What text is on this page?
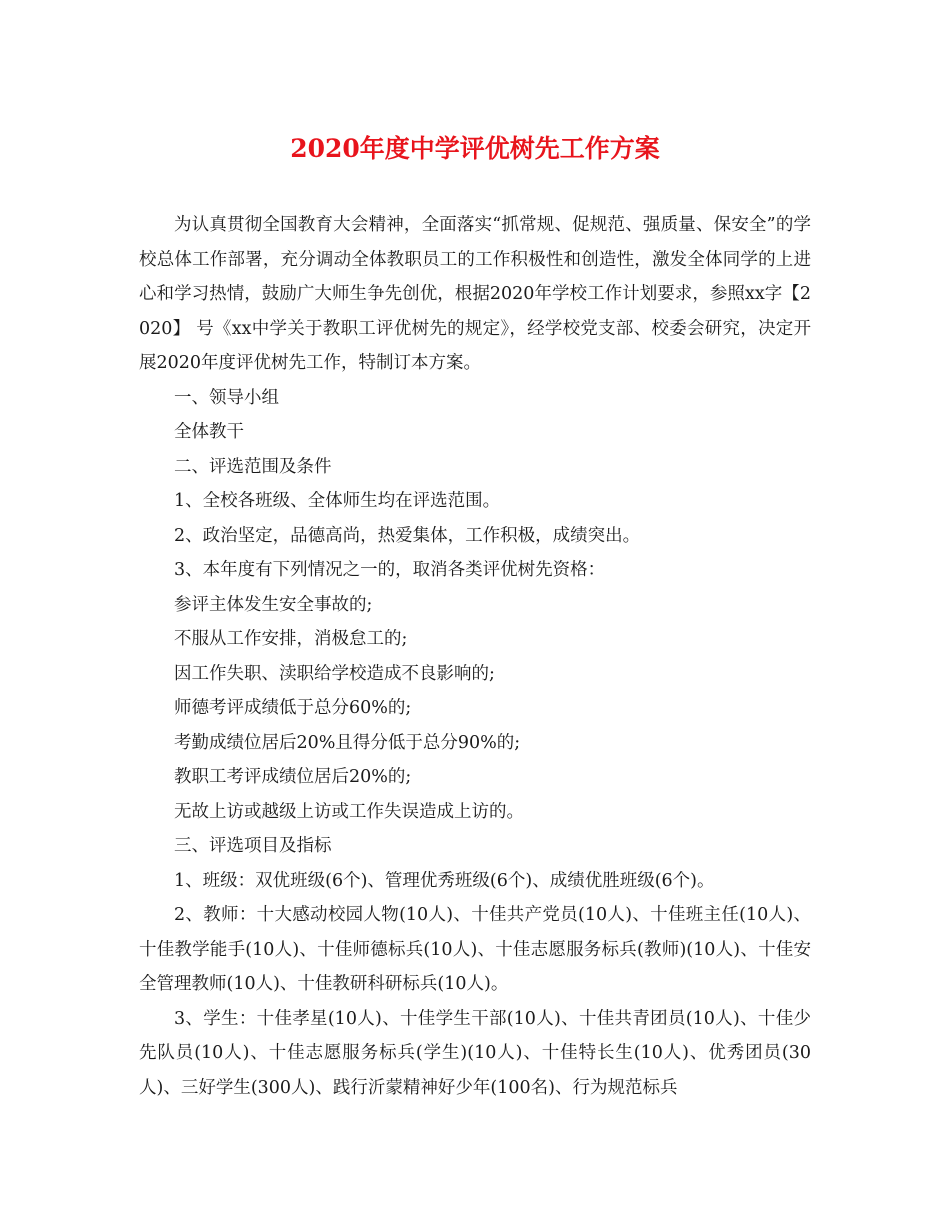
2020年度中学评优树先工作方案

为认真贯彻全国教育大会精神，全面落实“抓常规、促规范、强质量、保安全”的学校总体工作部署，充分调动全体教职员工的工作积极性和创造性，激发全体同学的上进心和学习热情，鼓励广大师生争先创优，根据2020年学校工作计划要求，参照xx字【2020】 号《xx中学关于教职工评优树先的规定》，经学校党支部、校委会研究，决定开展2020年度评优树先工作，特制订本方案。

一、领导小组

全体教干

二、评选范围及条件

1、全校各班级、全体师生均在评选范围。

2、政治坚定，品德高尚，热爱集体，工作积极，成绩突出。

3、本年度有下列情况之一的，取消各类评优树先资格：

参评主体发生安全事故的;

不服从工作安排，消极怠工的;

因工作失职、渎职给学校造成不良影响的;

师德考评成绩低于总分60%的;

考勤成绩位居后20%且得分低于总分90%的;

教职工考评成绩位居后20%的;

无故上访或越级上访或工作失误造成上访的。

三、评选项目及指标

1、班级：双优班级(6个)、管理优秀班级(6个)、成绩优胜班级(6个)。

2、教师：十大感动校园人物(10人)、十佳共产党员(10人)、十佳班主任(10人)、十佳教学能手(10人)、十佳师德标兵(10人)、十佳志愿服务标兵(教师)(10人)、十佳安全管理教师(10人)、十佳教研科研标兵(10人)。

3、学生：十佳孝星(10人)、十佳学生干部(10人)、十佳共青团员(10人)、十佳少先队员(10人)、十佳志愿服务标兵(学生)(10人)、十佳特长生(10人)、优秀团员(30人)、三好学生(300人)、践行沂蒙精神好少年(100名)、行为规范标兵
